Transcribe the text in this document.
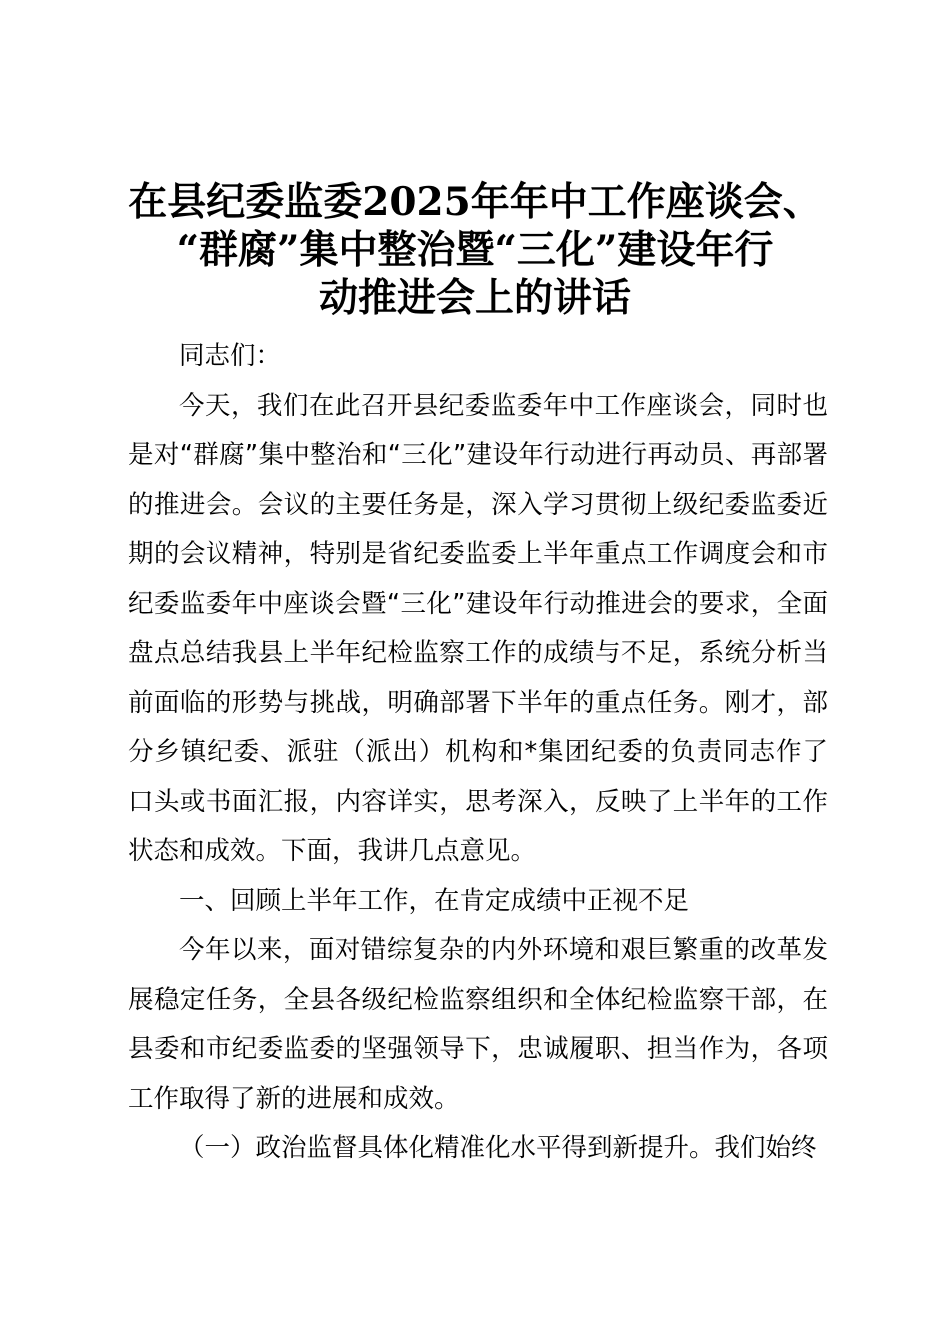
在县纪委监委2025年年中工作座谈会、
“群腐”集中整治暨“三化”建设年行
动推进会上的讲话

同志们：

今天，我们在此召开县纪委监委年中工作座谈会，同时也是对“群腐”集中整治和“三化”建设年行动进行再动员、再部署的推进会。会议的主要任务是，深入学习贯彻上级纪委监委近期的会议精神，特别是省纪委监委上半年重点工作调度会和市纪委监委年中座谈会暨“三化”建设年行动推进会的要求，全面盘点总结我县上半年纪检监察工作的成绩与不足，系统分析当前面临的形势与挑战，明确部署下半年的重点任务。刚才，部分乡镇纪委、派驻（派出）机构和*集团纪委的负责同志作了口头或书面汇报，内容详实，思考深入，反映了上半年的工作状态和成效。下面，我讲几点意见。

一、回顾上半年工作，在肯定成绩中正视不足

今年以来，面对错综复杂的内外环境和艰巨繁重的改革发展稳定任务，全县各级纪检监察组织和全体纪检监察干部，在县委和市纪委监委的坚强领导下，忠诚履职、担当作为，各项工作取得了新的进展和成效。

（一）政治监督具体化精准化水平得到新提升。我们始终
